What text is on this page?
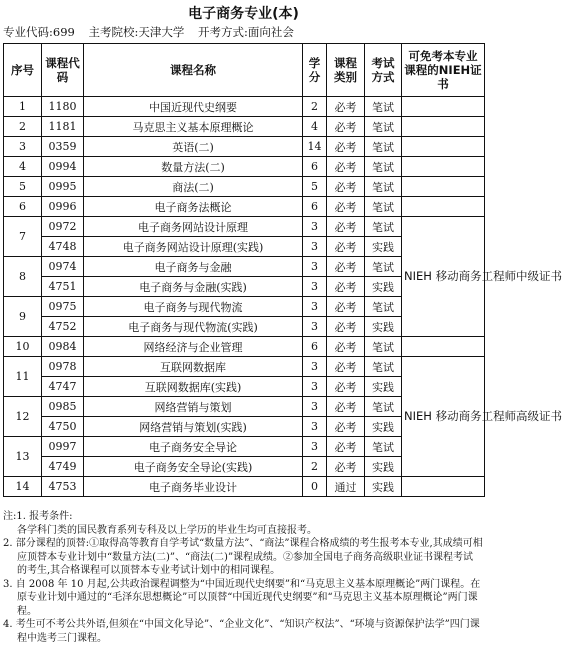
电子商务专业(本)
专业代码:699 主考院校:天津大学 开考方式:面向社会
序号	课程代码	课程名称	学分	课程类别	考试方式	可免考本专业课程的NIEH证书
1	1180	中国近现代史纲要	2	必考	笔试	
2	1181	马克思主义基本原理概论	4	必考	笔试	
3	0359	英语(二)	14	必考	笔试	
4	0994	数量方法(二)	6	必考	笔试	
5	0995	商法(二)	5	必考	笔试	
6	0996	电子商务法概论	6	必考	笔试	
7	0972	电子商务网站设计原理	3	必考	笔试	NIEH 移动商务工程师中级证书
	4748	电子商务网站设计原理(实践)	3	必考	实践	
8	0974	电子商务与金融	3	必考	笔试	
	4751	电子商务与金融(实践)	3	必考	实践	
9	0975	电子商务与现代物流	3	必考	笔试	
	4752	电子商务与现代物流(实践)	3	必考	实践	
10	0984	网络经济与企业管理	6	必考	笔试	
11	0978	互联网数据库	3	必考	笔试	NIEH 移动商务工程师高级证书
	4747	互联网数据库(实践)	3	必考	实践	
12	0985	网络营销与策划	3	必考	笔试	
	4750	网络营销与策划(实践)	3	必考	实践	
13	0997	电子商务安全导论	3	必考	笔试	
	4749	电子商务安全导论(实践)	2	必考	实践	
14	4753	电子商务毕业设计	0	通过	实践	

注:1. 报考条件:

各学科门类的国民教育系列专科及以上学历的毕业生均可直接报考。

2. 部分课程的顶替:①取得高等教育自学考试“数量方法”、“商法”课程合格成绩的考生报考本专业,其成绩可相应顶替本专业计划中“数量方法(二)”、“商法(二)”课程成绩。②参加全国电子商务高级职业证书课程考试的考生,其合格课程可以顶替本专业考试计划中的相同课程。

3. 自 2008 年 10 月起,公共政治课程调整为“中国近现代史纲要”和“马克思主义基本原理概论”两门课程。在原专业计划中通过的“毛泽东思想概论”可以顶替“中国近现代史纲要”和“马克思主义基本原理概论”两门课程。

4. 考生可不考公共外语,但须在“中国文化导论”、“企业文化”、“知识产权法”、“环境与资源保护法学”四门课程中选考三门课程。
